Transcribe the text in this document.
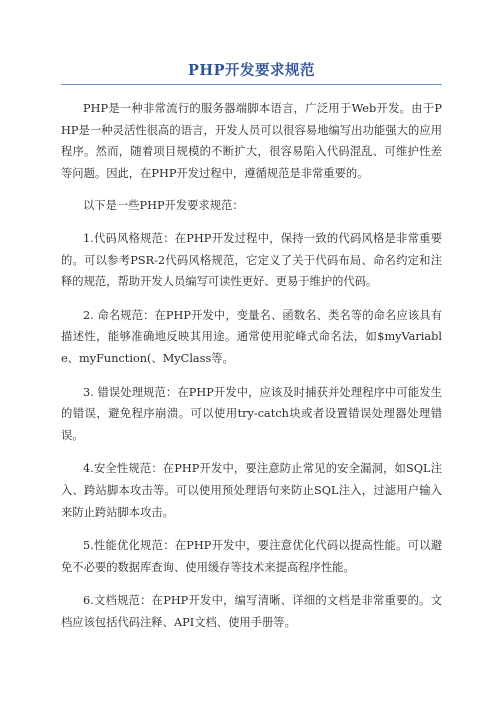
PHP开发要求规范

PHP是一种非常流行的服务器端脚本语言，广泛用于Web开发。由于PHP是一种灵活性很高的语言，开发人员可以很容易地编写出功能强大的应用程序。然而，随着项目规模的不断扩大，很容易陷入代码混乱、可维护性差等问题。因此，在PHP开发过程中，遵循规范是非常重要的。

以下是一些PHP开发要求规范：

1.代码风格规范：在PHP开发过程中，保持一致的代码风格是非常重要的。可以参考PSR-2代码风格规范，它定义了关于代码布局、命名约定和注释的规范，帮助开发人员编写可读性更好、更易于维护的代码。

2. 命名规范：在PHP开发中，变量名、函数名、类名等的命名应该具有描述性，能够准确地反映其用途。通常使用驼峰式命名法，如$myVariable、myFunction(、MyClass等。

3. 错误处理规范：在PHP开发中，应该及时捕获并处理程序中可能发生的错误，避免程序崩溃。可以使用try-catch块或者设置错误处理器处理错误。

4.安全性规范：在PHP开发中，要注意防止常见的安全漏洞，如SQL注入、跨站脚本攻击等。可以使用预处理语句来防止SQL注入，过滤用户输入来防止跨站脚本攻击。

5.性能优化规范：在PHP开发中，要注意优化代码以提高性能。可以避免不必要的数据库查询、使用缓存等技术来提高程序性能。

6.文档规范：在PHP开发中，编写清晰、详细的文档是非常重要的。文档应该包括代码注释、API文档、使用手册等。
